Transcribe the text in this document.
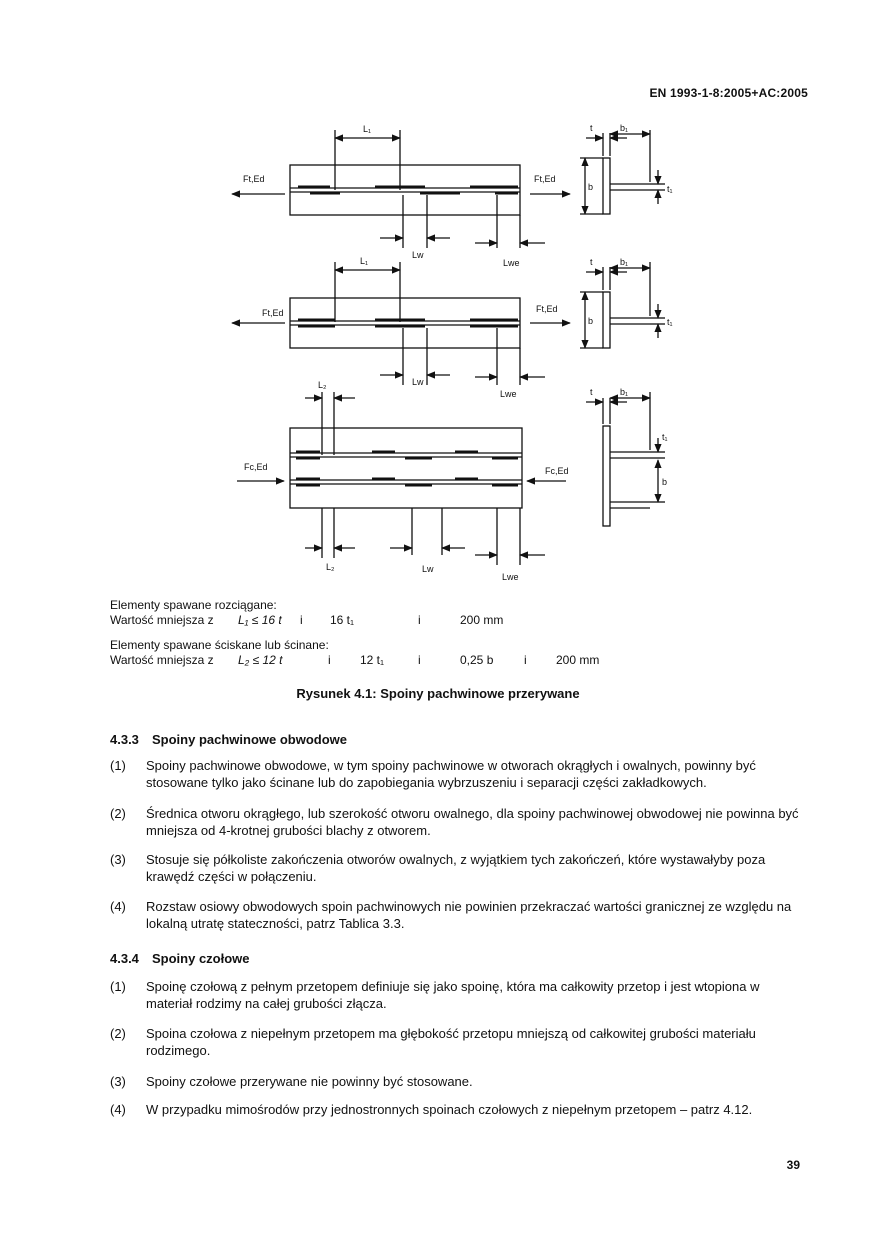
EN 1993-1-8:2005+AC:2005
L₁
Ft,Ed	Ft,Ed
Lw
Lwe
t	b₁
b	t₁
L₁
Ft,Ed	Ft,Ed
Lw
Lwe
t	b₁
b	t₁
L₂
Fc,Ed	Fc,Ed
L₂	Lw
Lwe
t	b₁
t₁
b
Elementy spawane rozciągane:
Wartość mniejsza z L₁ ≤ 16 t i 16 t₁	i	200 mm
Elementy spawane ściskane lub ścinane:
Wartość mniejsza z L₂ ≤ 12 t	i 12 t₁	i	0,25 b	i 200 mm
Rysunek 4.1: Spoiny pachwinowe przerywane
4.3.3 Spoiny pachwinowe obwodowe
(1) Spoiny pachwinowe obwodowe, w tym spoiny pachwinowe w otworach okrągłych i owalnych, powinny być stosowane tylko jako ścinane lub do zapobiegania wybrzuszeniu i separacji części zakładkowych.
(2) Średnica otworu okrągłego, lub szerokość otworu owalnego, dla spoiny pachwinowej obwodowej nie powinna być mniejsza od 4-krotnej grubości blachy z otworem.
(3) Stosuje się półkoliste zakończenia otworów owalnych, z wyjątkiem tych zakończeń, które wystawałyby poza krawędź części w połączeniu.
(4) Rozstaw osiowy obwodowych spoin pachwinowych nie powinien przekraczać wartości granicznej ze względu na lokalną utratę stateczności, patrz Tablica 3.3.
4.3.4 Spoiny czołowe
(1) Spoinę czołową z pełnym przetopem definiuje się jako spoinę, która ma całkowity przetop i jest wtopiona w materiał rodzimy na całej grubości złącza.
(2) Spoina czołowa z niepełnym przetopem ma głębokość przetopu mniejszą od całkowitej grubości materiału rodzimego.
(3) Spoiny czołowe przerywane nie powinny być stosowane.
(4) W przypadku mimośrodów przy jednostronnych spoinach czołowych z niepełnym przetopem – patrz 4.12.
39
